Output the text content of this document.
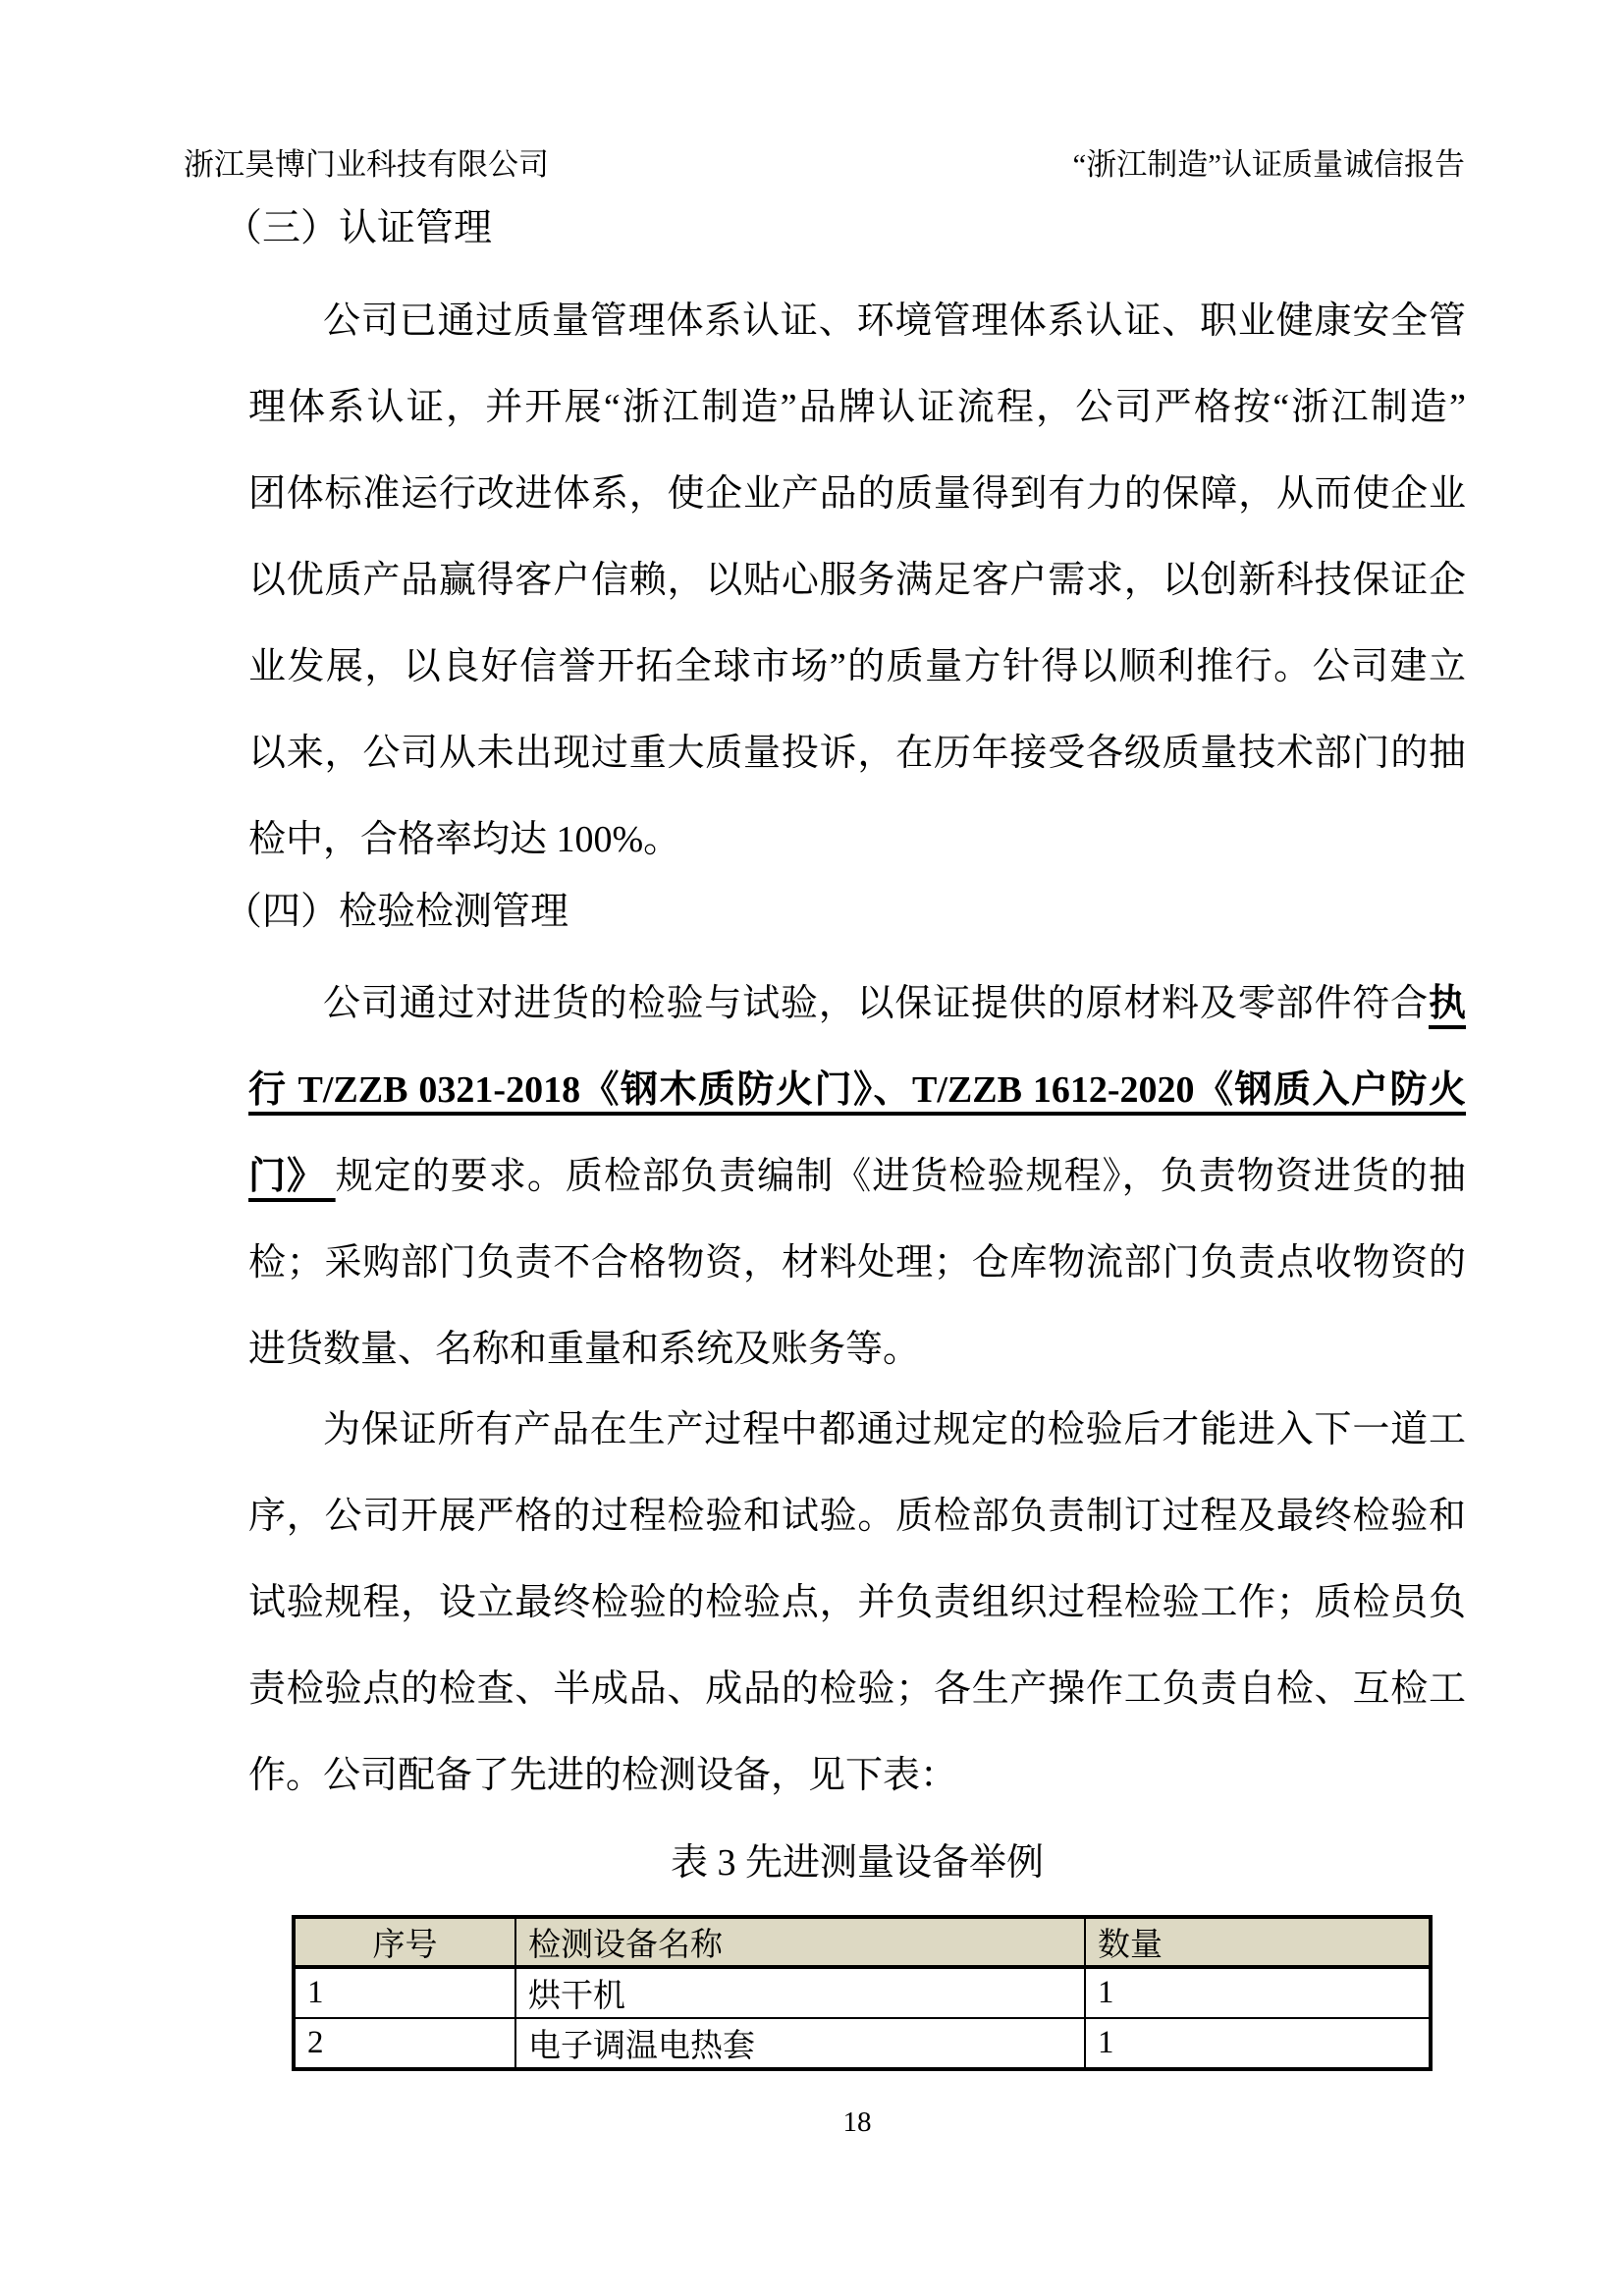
浙江昊博门业科技有限公司	“浙江制造”认证质量诚信报告
（三）认证管理
公司已通过质量管理体系认证、环境管理体系认证、职业健康安全管
理体系认证，并开展“浙江制造”品牌认证流程，公司严格按“浙江制造”
团体标准运行改进体系，使企业产品的质量得到有力的保障，从而使企业
以优质产品赢得客户信赖，以贴心服务满足客户需求，以创新科技保证企
业发展，以良好信誉开拓全球市场”的质量方针得以顺利推行。公司建立
以来，公司从未出现过重大质量投诉，在历年接受各级质量技术部门的抽
检中，合格率均达 100%。
（四）检验检测管理
公司通过对进货的检验与试验，以保证提供的原材料及零部件符合执
行 T/ZZB 0321-2018《钢木质防火门》、T/ZZB 1612-2020《钢质入户防火
门》 规定的要求。质检部负责编制《进货检验规程》，负责物资进货的抽
检；采购部门负责不合格物资，材料处理；仓库物流部门负责点收物资的
进货数量、名称和重量和系统及账务等。
为保证所有产品在生产过程中都通过规定的检验后才能进入下一道工
序，公司开展严格的过程检验和试验。质检部负责制订过程及最终检验和
试验规程，设立最终检验的检验点，并负责组织过程检验工作；质检员负
责检验点的检查、半成品、成品的检验；各生产操作工负责自检、互检工
作。公司配备了先进的检测设备，见下表：
表 3 先进测量设备举例
序号	检测设备名称	数量
1	烘干机	1
2	电子调温电热套	1
18
